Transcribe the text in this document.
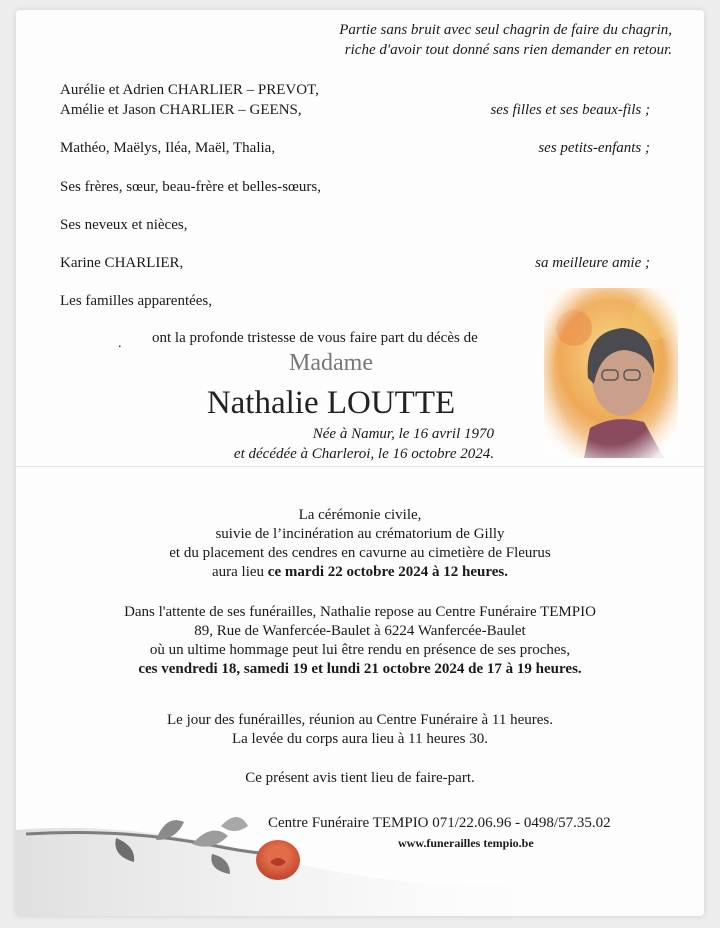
Partie sans bruit avec seul chagrin de faire du chagrin,
riche d'avoir tout donné sans rien demander en retour.
Aurélie et Adrien CHARLIER – PREVOT,
Amélie et Jason CHARLIER – GEENS,	ses filles et ses beaux-fils ;
Mathéo, Maëlys, Iléa, Maël, Thalia,	ses petits-enfants ;
Ses frères, sœur, beau-frère et belles-sœurs,
Ses neveux et nièces,
Karine CHARLIER,	sa meilleure amie ;
Les familles apparentées,
. ont la profonde tristesse de vous faire part du décès de
Madame
Nathalie LOUTTE
Née à Namur, le 16 avril 1970
et décédée à Charleroi, le 16 octobre 2024.
La cérémonie civile,
suivie de l’incinération au crématorium de Gilly
et du placement des cendres en cavurne au cimetière de Fleurus
aura lieu ce mardi 22 octobre 2024 à 12 heures.
Dans l'attente de ses funérailles, Nathalie repose au Centre Funéraire TEMPIO
89, Rue de Wanfercée-Baulet à 6224 Wanfercée-Baulet
où un ultime hommage peut lui être rendu en présence de ses proches,
ces vendredi 18, samedi 19 et lundi 21 octobre 2024 de 17 à 19 heures.
Le jour des funérailles, réunion au Centre Funéraire à 11 heures.
La levée du corps aura lieu à 11 heures 30.
Ce présent avis tient lieu de faire-part.
Centre Funéraire TEMPIO 071/22.06.96 - 0498/57.35.02
www.funerailles tempio.be
